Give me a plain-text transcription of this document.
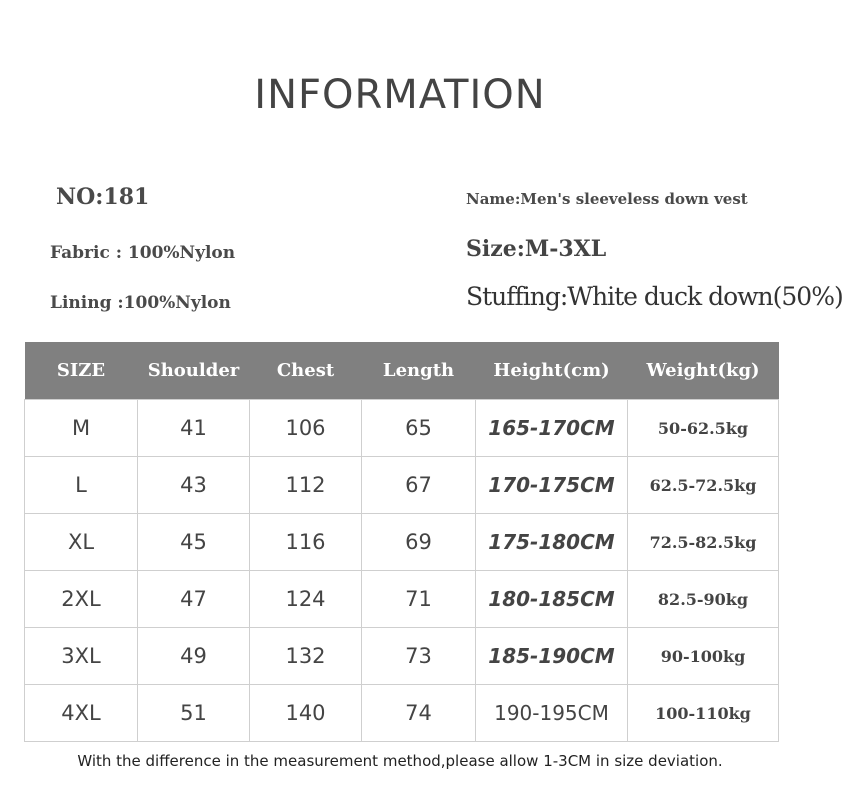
INFORMATION
NO:181	Name:Men's sleeveless down vest
Fabric : 100%Nylon	Size:M-3XL
Lining :100%Nylon	Stuffing:White duck down(50%)
SIZE	Shoulder	Chest	Length	Height(cm)	Weight(kg)
M	41	106	65	165-170CM	50-62.5kg
L	43	112	67	170-175CM	62.5-72.5kg
XL	45	116	69	175-180CM	72.5-82.5kg
2XL	47	124	71	180-185CM	82.5-90kg
3XL	49	132	73	185-190CM	90-100kg
4XL	51	140	74	190-195CM	100-110kg
With the difference in the measurement method,please allow 1-3CM in size deviation.
